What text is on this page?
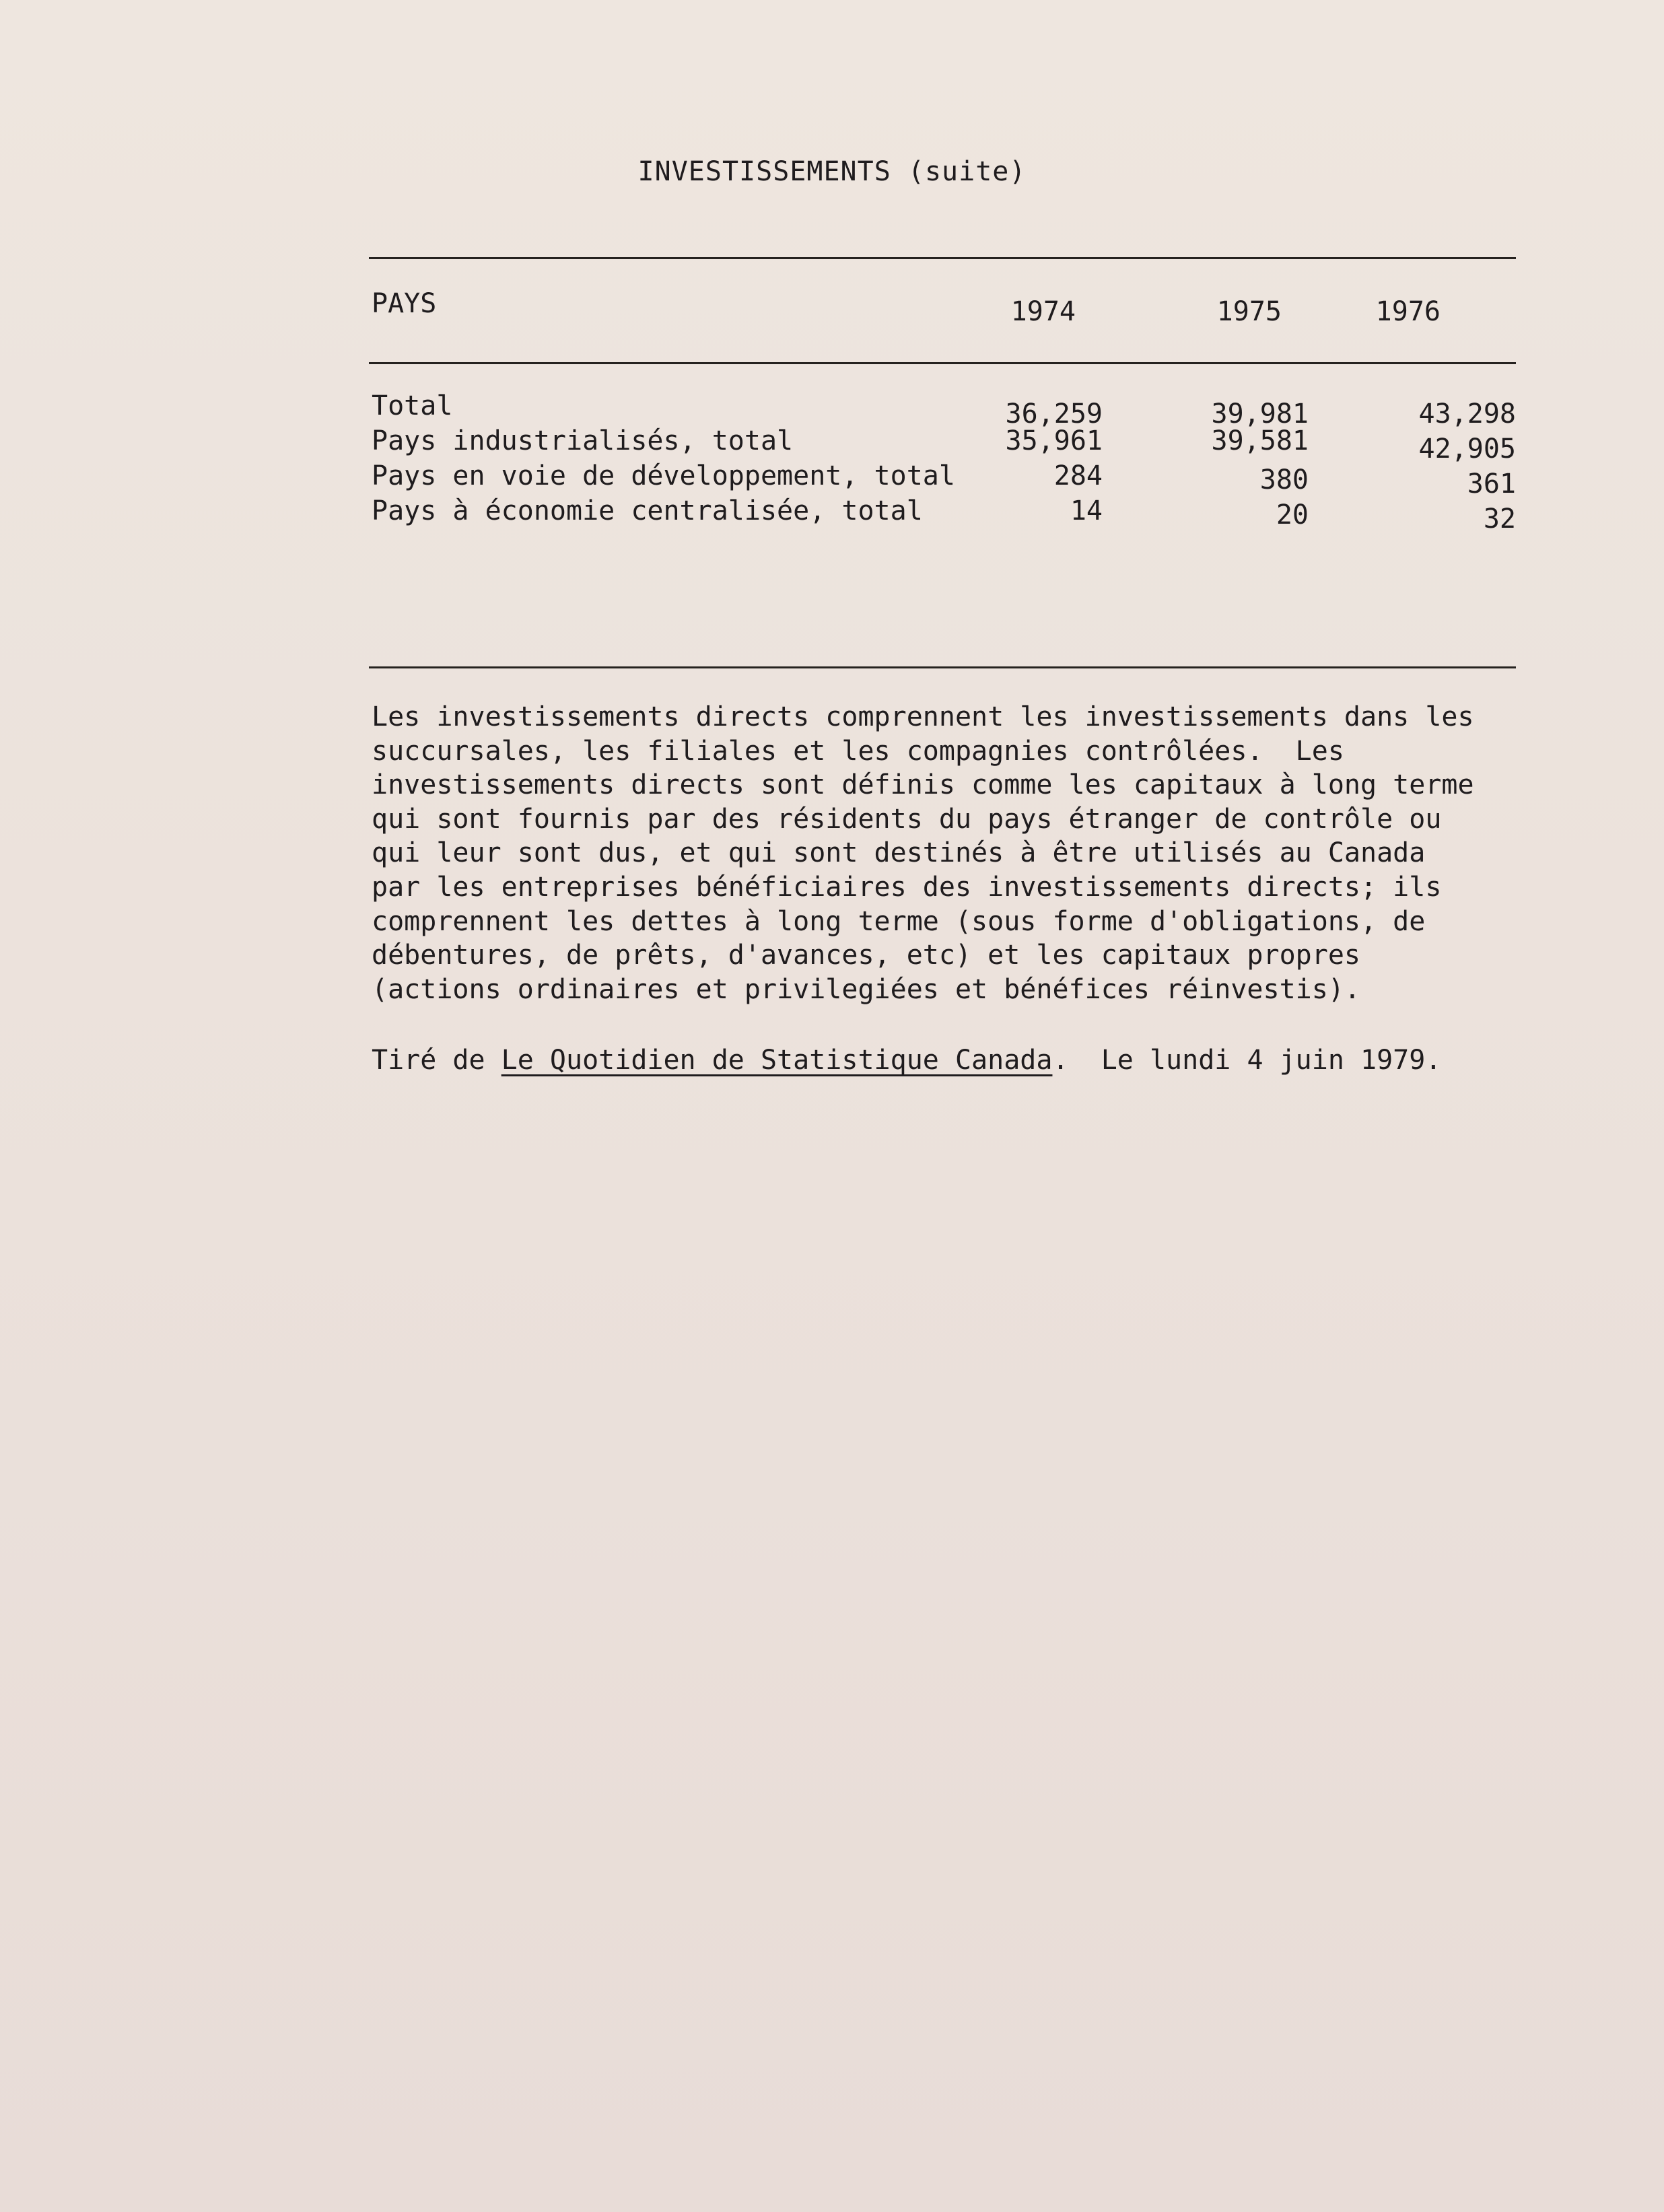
INVESTISSEMENTS (suite)
PAYS	1974	1975	1976
Total	36,259	39,981	43,298
Pays industrialisés, total	35,961	39,581	42,905
Pays en voie de développement, total	284	380	361
Pays à économie centralisée, total	14	20	32
Les investissements directs comprennent les investissements dans les
succursales, les filiales et les compagnies contrôlées.  Les
investissements directs sont définis comme les capitaux à long terme
qui sont fournis par des résidents du pays étranger de contrôle ou
qui leur sont dus, et qui sont destinés à être utilisés au Canada
par les entreprises bénéficiaires des investissements directs; ils
comprennent les dettes à long terme (sous forme d'obligations, de
débentures, de prêts, d'avances, etc) et les capitaux propres
(actions ordinaires et privilegiées et bénéfices réinvestis).
Tiré de Le Quotidien de Statistique Canada.  Le lundi 4 juin 1979.
